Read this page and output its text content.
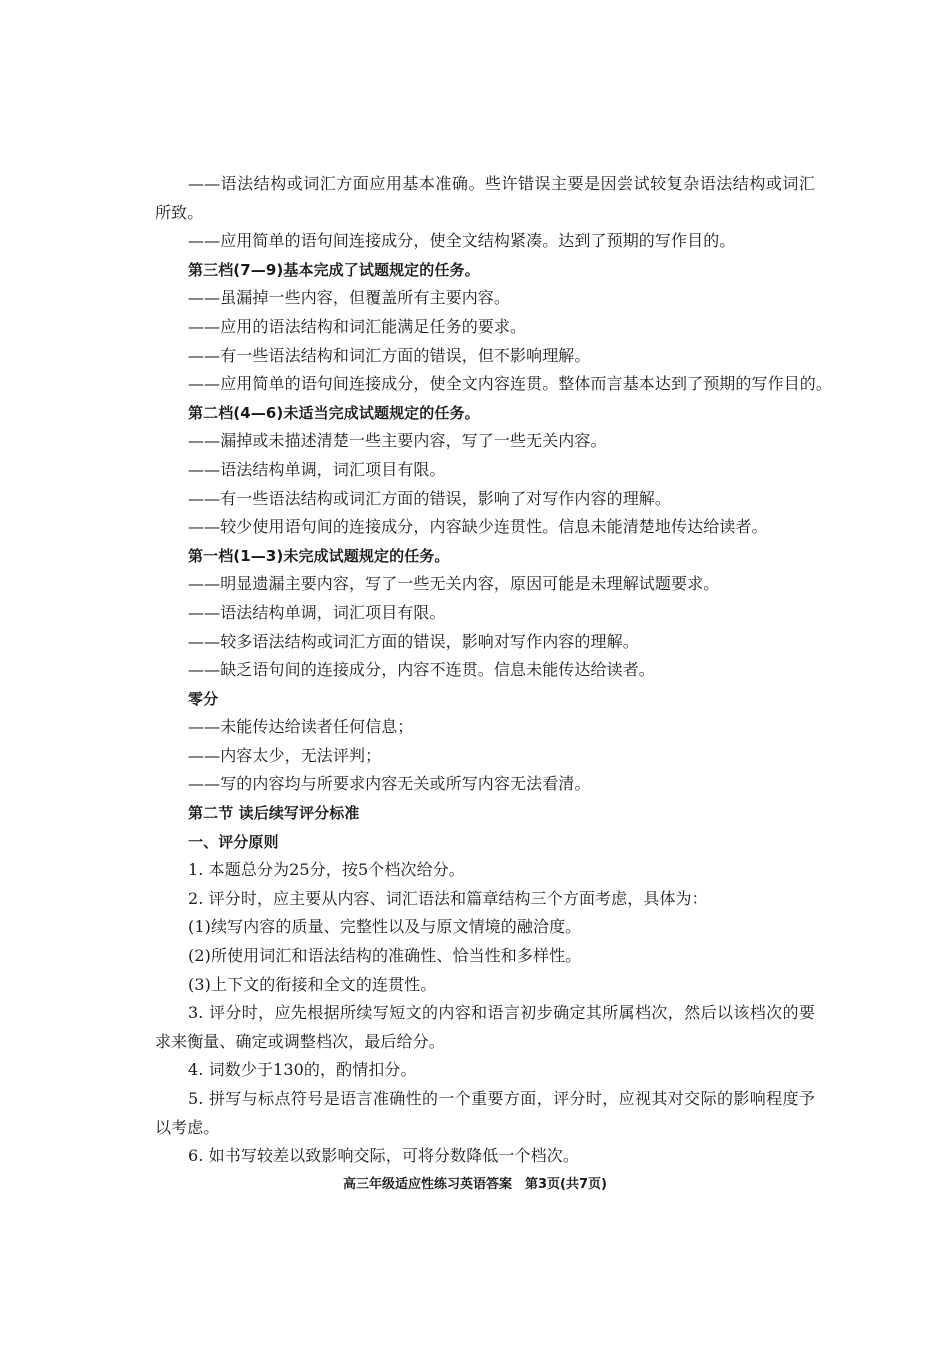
——语法结构或词汇方面应用基本准确。些许错误主要是因尝试较复杂语法结构或词汇所致。
——应用简单的语句间连接成分，使全文结构紧凑。达到了预期的写作目的。
第三档(7—9)基本完成了试题规定的任务。
——虽漏掉一些内容，但覆盖所有主要内容。
——应用的语法结构和词汇能满足任务的要求。
——有一些语法结构和词汇方面的错误，但不影响理解。
——应用简单的语句间连接成分，使全文内容连贯。整体而言基本达到了预期的写作目的。
第二档(4—6)未适当完成试题规定的任务。
——漏掉或未描述清楚一些主要内容，写了一些无关内容。
——语法结构单调，词汇项目有限。
——有一些语法结构或词汇方面的错误，影响了对写作内容的理解。
——较少使用语句间的连接成分，内容缺少连贯性。信息未能清楚地传达给读者。
第一档(1—3)未完成试题规定的任务。
——明显遗漏主要内容，写了一些无关内容，原因可能是未理解试题要求。
——语法结构单调，词汇项目有限。
——较多语法结构或词汇方面的错误，影响对写作内容的理解。
——缺乏语句间的连接成分，内容不连贯。信息未能传达给读者。
零分
——未能传达给读者任何信息；
——内容太少，无法评判；
——写的内容均与所要求内容无关或所写内容无法看清。
第二节 读后续写评分标准
一、评分原则
1. 本题总分为25分，按5个档次给分。
2. 评分时，应主要从内容、词汇语法和篇章结构三个方面考虑，具体为：
(1)续写内容的质量、完整性以及与原文情境的融洽度。
(2)所使用词汇和语法结构的准确性、恰当性和多样性。
(3)上下文的衔接和全文的连贯性。
3. 评分时，应先根据所续写短文的内容和语言初步确定其所属档次，然后以该档次的要求来衡量、确定或调整档次，最后给分。
4. 词数少于130的，酌情扣分。
5. 拼写与标点符号是语言准确性的一个重要方面，评分时，应视其对交际的影响程度予以考虑。
6. 如书写较差以致影响交际，可将分数降低一个档次。
高三年级适应性练习英语答案　第3页(共7页)
